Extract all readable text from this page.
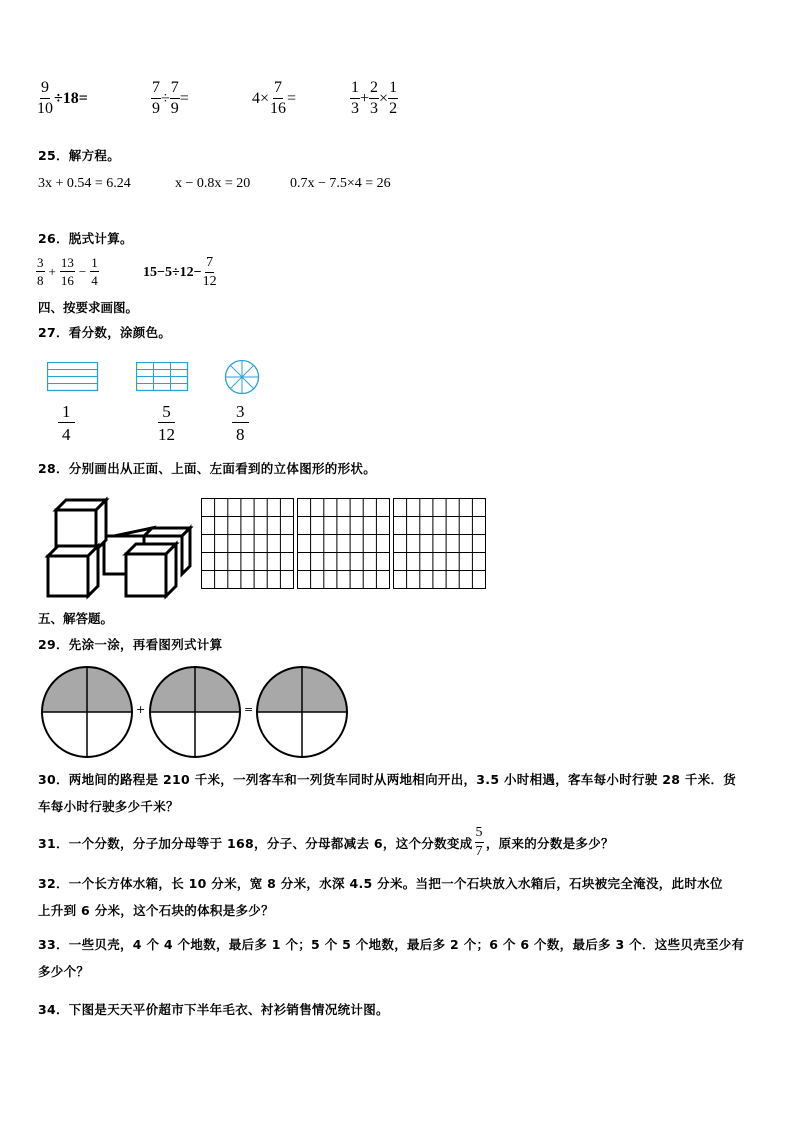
$\frac{9}{10} \div 18=$	$\frac{7}{9} \div \frac{7}{9}$ =	$4\times \frac{7}{16}$ =	$\frac{1}{3} + \frac{2}{3} \times \frac{1}{2}$
25．解方程。
3x + 0.54 = 6.24	x − 0.8x = 20	0.7x − 7.5×4 = 26
26．脱式计算。
$\frac{3}{8} + \frac{13}{16} - \frac{1}{4}$	$15-5\div 12- \frac{7}{12}$
四、按要求画图。
27．看分数，涂颜色。
1
4
5
12
3
8
28．分别画出从正面、上面、左面看到的立体图形的形状。
五、解答题。
29．先涂一涂，再看图列式计算
+	=
30．两地间的路程是 210 千米，一列客车和一列货车同时从两地相向开出，3.5 小时相遇，客车每小时行驶 28 千米．货
车每小时行驶多少千米？
31．一个分数，分子加分母等于 168，分子、分母都减去 6，这个分数变成 $\frac{5}{7}$ ，原来的分数是多少？
32．一个长方体水箱，长 10 分米，宽 8 分米，水深 4.5 分米。当把一个石块放入水箱后，石块被完全淹没，此时水位
上升到 6 分米，这个石块的体积是多少？
33．一些贝壳，4 个 4 个地数，最后多 1 个；5 个 5 个地数，最后多 2 个；6 个 6 个数，最后多 3 个．这些贝壳至少有
多少个？
34．下图是天天平价超市下半年毛衣、衬衫销售情况统计图。
